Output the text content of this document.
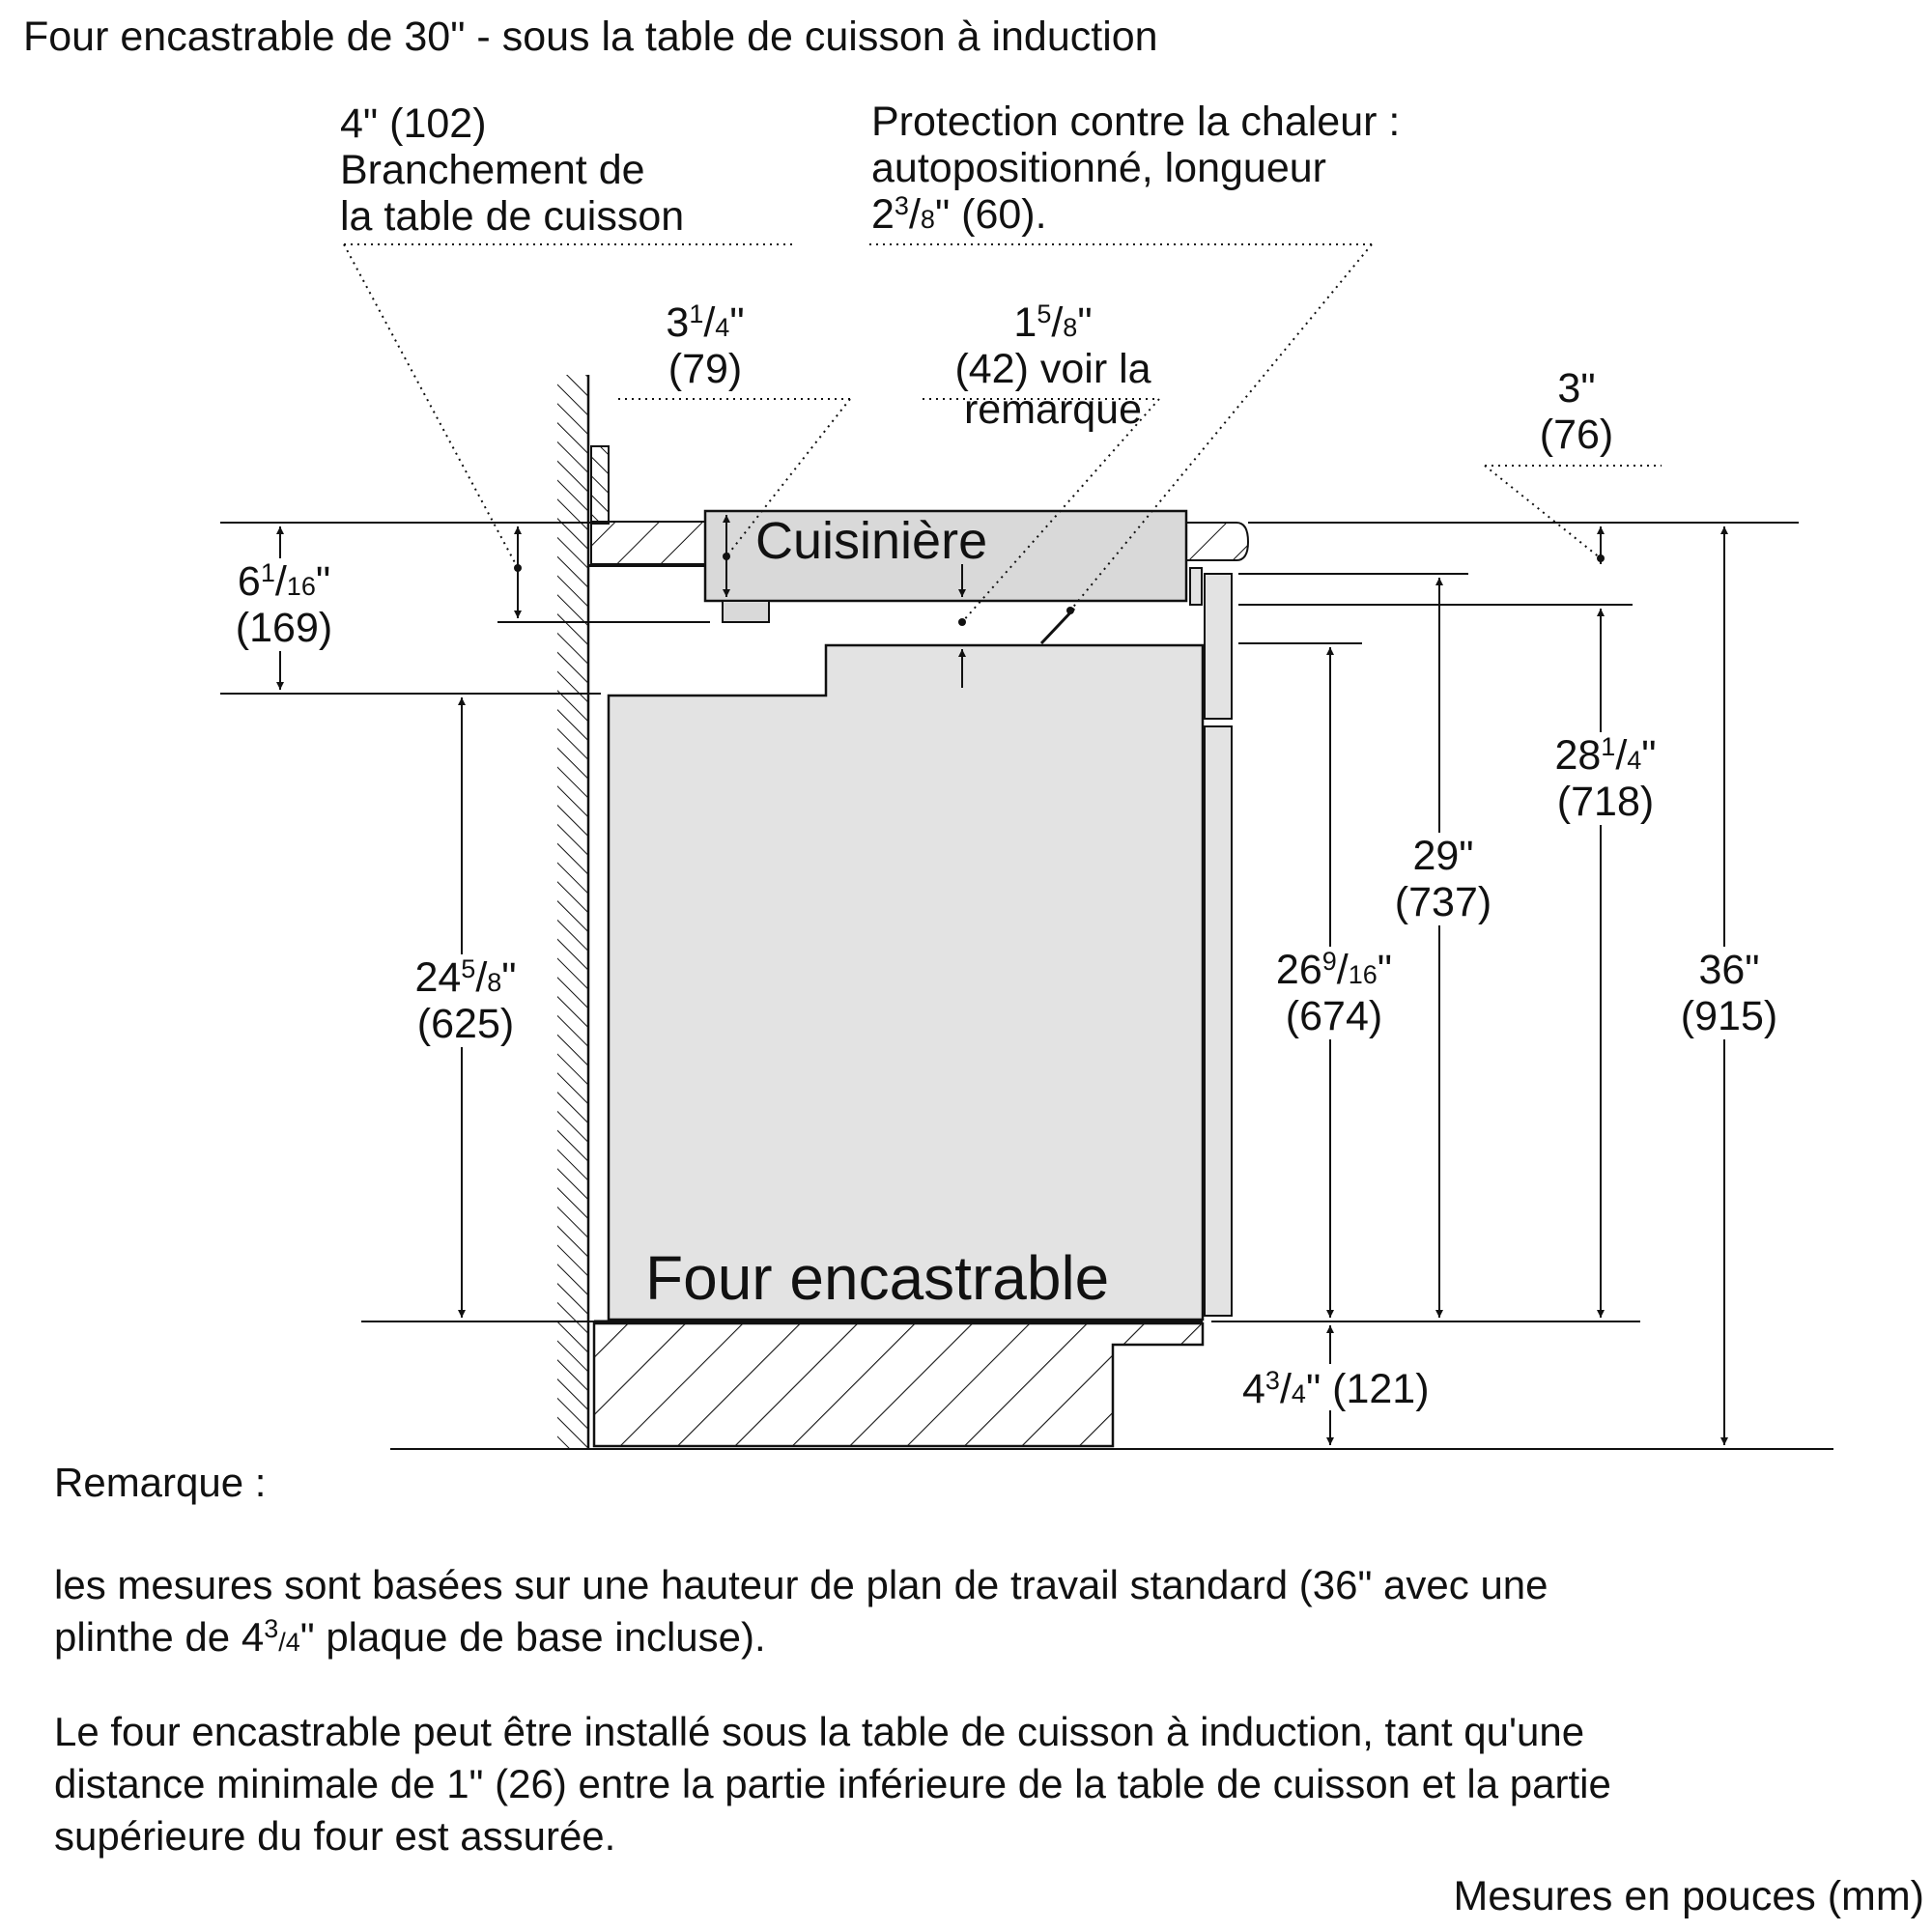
Four encastrable de 30" - sous la table de cuisson à induction
Cuisinière
Four encastrable
4" (102)
Branchement de
la table de cuisson
Protection contre la chaleur :
autopositionné, longueur
$2^3/8$" (60).
$3^1/4$"
(79)
$1^5/8$"
(42) voir la
remarque	3"
(76)
$6^1/16$"
(169)
$24^5/8$"
(625)
$26^9/16$"
(674)
29"
(737)
$28^1/4$"
(718)
36"
(915)
$4^3/4$" (121)
Remarque :
les mesures sont basées sur une hauteur de plan de travail standard (36" avec une
plinthe de $4^3/4$" plaque de base incluse).
Le four encastrable peut être installé sous la table de cuisson à induction, tant qu'une
distance minimale de 1" (26) entre la partie inférieure de la table de cuisson et la partie
supérieure du four est assurée.
Mesures en pouces (mm)
